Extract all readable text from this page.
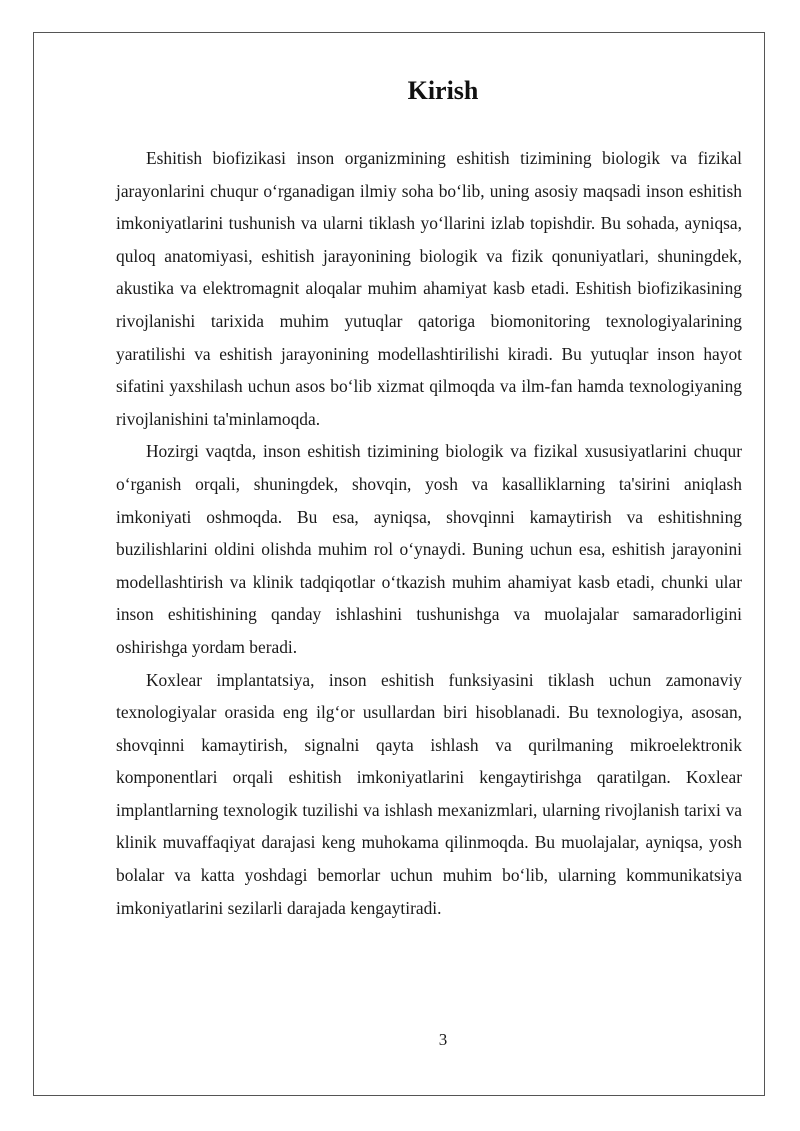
Kirish

Eshitish biofizikasi inson organizmining eshitish tizimining biologik va fizikal jarayonlarini chuqur o‘rganadigan ilmiy soha bo‘lib, uning asosiy maqsadi inson eshitish imkoniyatlarini tushunish va ularni tiklash yo‘llarini izlab topishdir. Bu sohada, ayniqsa, quloq anatomiyasi, eshitish jarayonining biologik va fizik qonuniyatlari, shuningdek, akustika va elektromagnit aloqalar muhim ahamiyat kasb etadi. Eshitish biofizikasining rivojlanishi tarixida muhim yutuqlar qatoriga biomonitoring texnologiyalarining yaratilishi va eshitish jarayonining modellashtirilishi kiradi. Bu yutuqlar inson hayot sifatini yaxshilash uchun asos bo‘lib xizmat qilmoqda va ilm-fan hamda texnologiyaning rivojlanishini ta'minlamoqda.

Hozirgi vaqtda, inson eshitish tizimining biologik va fizikal xususiyatlarini chuqur o‘rganish orqali, shuningdek, shovqin, yosh va kasalliklarning ta'sirini aniqlash imkoniyati oshmoqda. Bu esa, ayniqsa, shovqinni kamaytirish va eshitishning buzilishlarini oldini olishda muhim rol o‘ynaydi. Buning uchun esa, eshitish jarayonini modellashtirish va klinik tadqiqotlar o‘tkazish muhim ahamiyat kasb etadi, chunki ular inson eshitishining qanday ishlashini tushunishga va muolajalar samaradorligini oshirishga yordam beradi.

Koxlear implantatsiya, inson eshitish funksiyasini tiklash uchun zamonaviy texnologiyalar orasida eng ilg‘or usullardan biri hisoblanadi. Bu texnologiya, asosan, shovqinni kamaytirish, signalni qayta ishlash va qurilmaning mikroelektronik komponentlari orqali eshitish imkoniyatlarini kengaytirishga qaratilgan. Koxlear implantlarning texnologik tuzilishi va ishlash mexanizmlari, ularning rivojlanish tarixi va klinik muvaffaqiyat darajasi keng muhokama qilinmoqda. Bu muolajalar, ayniqsa, yosh bolalar va katta yoshdagi bemorlar uchun muhim bo‘lib, ularning kommunikatsiya imkoniyatlarini sezilarli darajada kengaytiradi.

3
